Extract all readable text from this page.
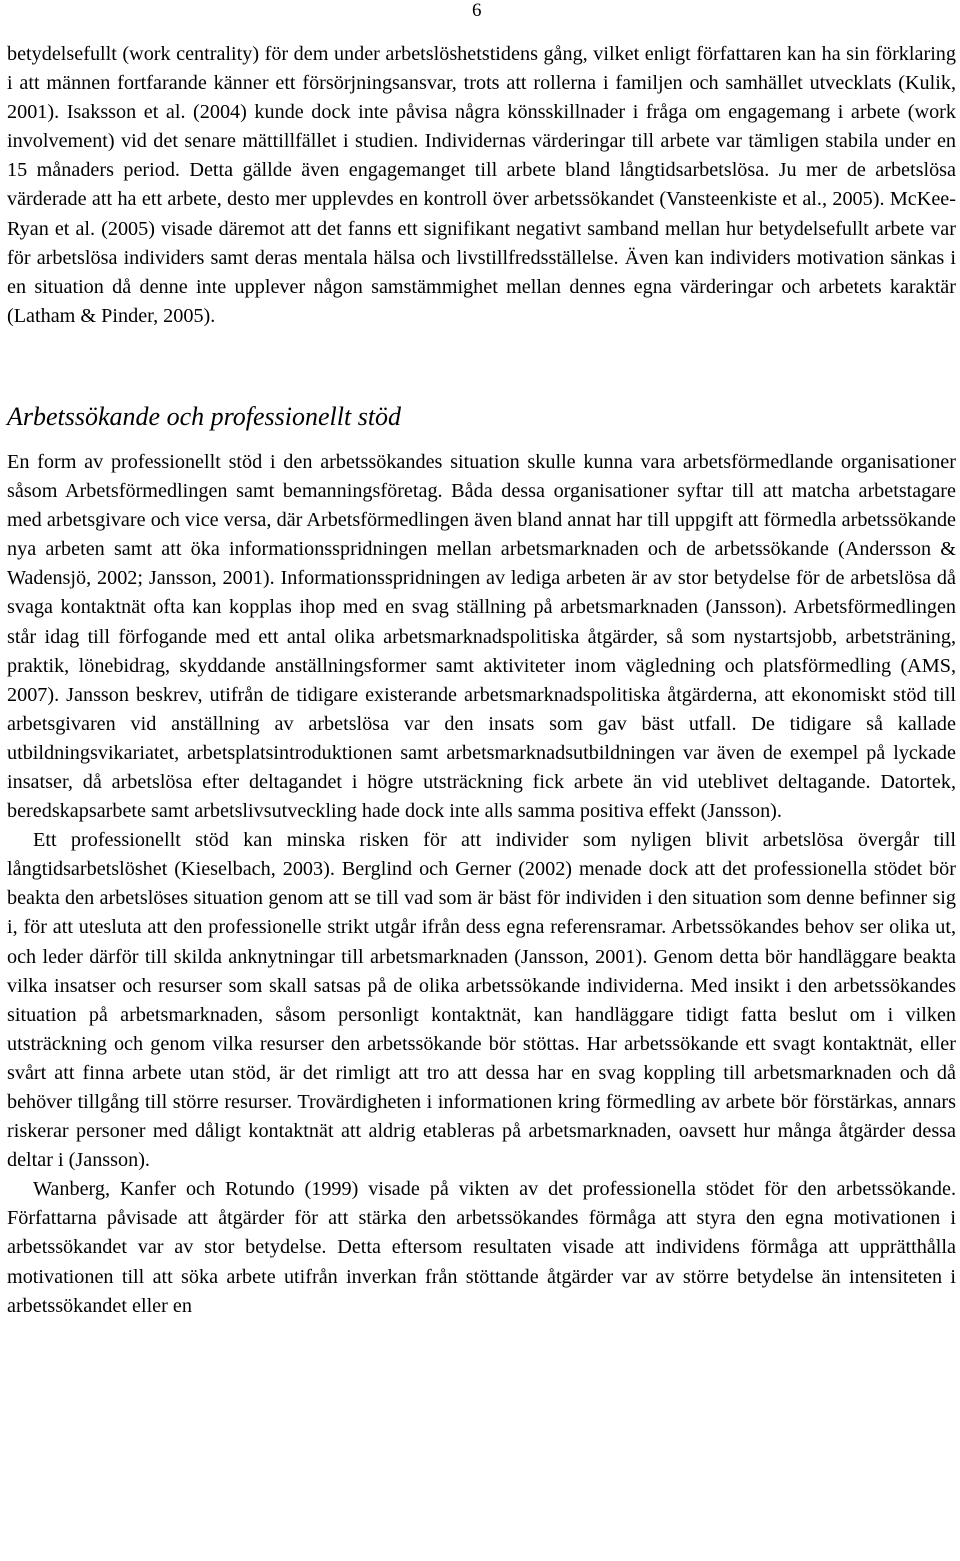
6

betydelsefullt (work centrality) för dem under arbetslöshetstidens gång, vilket enligt författaren kan ha sin förklaring i att männen fortfarande känner ett försörjningsansvar, trots att rollerna i familjen och samhället utvecklats (Kulik, 2001). Isaksson et al. (2004) kunde dock inte påvisa några könsskillnader i fråga om engagemang i arbete (work involvement) vid det senare mättillfället i studien. Individernas värderingar till arbete var tämligen stabila under en 15 månaders period. Detta gällde även engagemanget till arbete bland långtidsarbetslösa. Ju mer de arbetslösa värderade att ha ett arbete, desto mer upplevdes en kontroll över arbetssökandet (Vansteenkiste et al., 2005). McKee-Ryan et al. (2005) visade däremot att det fanns ett signifikant negativt samband mellan hur betydelsefullt arbete var för arbetslösa individers samt deras mentala hälsa och livstillfredsställelse. Även kan individers motivation sänkas i en situation då denne inte upplever någon samstämmighet mellan dennes egna värderingar och arbetets karaktär (Latham & Pinder, 2005).

Arbetssökande och professionellt stöd

En form av professionellt stöd i den arbetssökandes situation skulle kunna vara arbetsförmedlande organisationer såsom Arbetsförmedlingen samt bemanningsföretag. Båda dessa organisationer syftar till att matcha arbetstagare med arbetsgivare och vice versa, där Arbetsförmedlingen även bland annat har till uppgift att förmedla arbetssökande nya arbeten samt att öka informationsspridningen mellan arbetsmarknaden och de arbetssökande (Andersson & Wadensjö, 2002; Jansson, 2001). Informationsspridningen av lediga arbeten är av stor betydelse för de arbetslösa då svaga kontaktnät ofta kan kopplas ihop med en svag ställning på arbetsmarknaden (Jansson). Arbetsförmedlingen står idag till förfogande med ett antal olika arbetsmarknadspolitiska åtgärder, så som nystartsjobb, arbetsträning, praktik, lönebidrag, skyddande anställningsformer samt aktiviteter inom vägledning och platsförmedling (AMS, 2007). Jansson beskrev, utifrån de tidigare existerande arbetsmarknadspolitiska åtgärderna, att ekonomiskt stöd till arbetsgivaren vid anställning av arbetslösa var den insats som gav bäst utfall. De tidigare så kallade utbildningsvikariatet, arbetsplatsintroduktionen samt arbetsmarknadsutbildningen var även de exempel på lyckade insatser, då arbetslösa efter deltagandet i högre utsträckning fick arbete än vid uteblivet deltagande. Datortek, beredskapsarbete samt arbetslivsutveckling hade dock inte alls samma positiva effekt (Jansson).

Ett professionellt stöd kan minska risken för att individer som nyligen blivit arbetslösa övergår till långtidsarbetslöshet (Kieselbach, 2003). Berglind och Gerner (2002) menade dock att det professionella stödet bör beakta den arbetslöses situation genom att se till vad som är bäst för individen i den situation som denne befinner sig i, för att utesluta att den professionelle strikt utgår ifrån dess egna referensramar. Arbetssökandes behov ser olika ut, och leder därför till skilda anknytningar till arbetsmarknaden (Jansson, 2001). Genom detta bör handläggare beakta vilka insatser och resurser som skall satsas på de olika arbetssökande individerna. Med insikt i den arbetssökandes situation på arbetsmarknaden, såsom personligt kontaktnät, kan handläggare tidigt fatta beslut om i vilken utsträckning och genom vilka resurser den arbetssökande bör stöttas. Har arbetssökande ett svagt kontaktnät, eller svårt att finna arbete utan stöd, är det rimligt att tro att dessa har en svag koppling till arbetsmarknaden och då behöver tillgång till större resurser. Trovärdigheten i informationen kring förmedling av arbete bör förstärkas, annars riskerar personer med dåligt kontaktnät att aldrig etableras på arbetsmarknaden, oavsett hur många åtgärder dessa deltar i (Jansson).

Wanberg, Kanfer och Rotundo (1999) visade på vikten av det professionella stödet för den arbetssökande. Författarna påvisade att åtgärder för att stärka den arbetssökandes förmåga att styra den egna motivationen i arbetssökandet var av stor betydelse. Detta eftersom resultaten visade att individens förmåga att upprätthålla motivationen till att söka arbete utifrån inverkan från stöttande åtgärder var av större betydelse än intensiteten i arbetssökandet eller en
